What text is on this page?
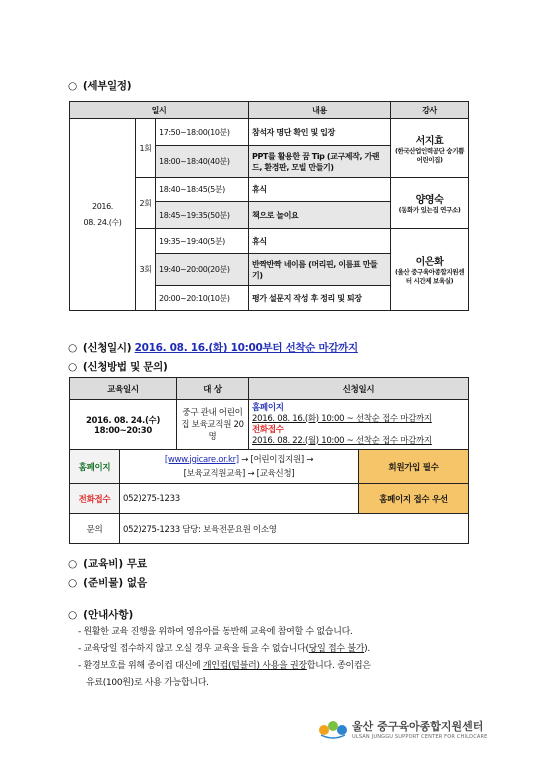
○ (세부일정)
일시			내용	강사
2016.
08. 24.(수)	1회	17:50~18:00(10분)	참석자 명단 확인 및 입장	서지효
(한국산업인력공단 숭기쁨어린이집)

		18:00~18:40(40분)	PPT를 활용한 꿈 Tip (교구제작, 가랜드, 환경판, 모빌 만들기)	
	2회	18:40~18:45(5분)	휴식	양영숙
(동화가 있는집 연구소)

		18:45~19:35(50분)	책으로 놀이요	
	3회	19:35~19:40(5분)	휴식	이은화
(울산 중구육아종합지원센터 시간제 보육실)

		19:40~20:00(20분)	반짝반짝 네이름 (머리핀, 이름표 만들기)	
		20:00~20:10(10분)	평가 설문지 작성 후 정리 및 퇴장	
○ (신청일시) 2016. 08. 16.(화) 10:00부터 선착순 마감까지
○ (신청방법 및 문의)
교육일시		대 상	신청일시	
2016. 08. 24.(수)
18:00~20:30		중구 관내 어린이집 보육교직원 20명	홈페이지
2016. 08. 16.(화) 10:00 ~ 선착순 접수 마감까지
전화접수
2016. 08. 22.(월) 10:00 ~ 선착순 접수 마감까지	
홈페이지	[www.jgicare.or.kr] → [어린이집지원] →
[보육교직원교육] → [교육신청]			회원가입 필수
전화접수	052)275-1233			홈페이지 접수 우선
문의	052)275-1233 담당: 보육전문요원 이소영			
○ (교육비) 무료
○ (준비물) 없음
○ (안내사항)
- 원활한 교육 진행을 위하여 영유아를 동반해 교육에 참여할 수 없습니다.
- 교육당일 접수하지 않고 오실 경우 교육을 들을 수 없습니다(당일 접수 불가).
- 환경보호를 위해 종이컵 대신에 개인컵(텀블러) 사용을 권장합니다. 종이컵은
유료(100원)로 사용 가능합니다.
울산 중구육아종합지원센터
ULSAN JUNGGU SUPPORT CENTER FOR CHILDCARE
